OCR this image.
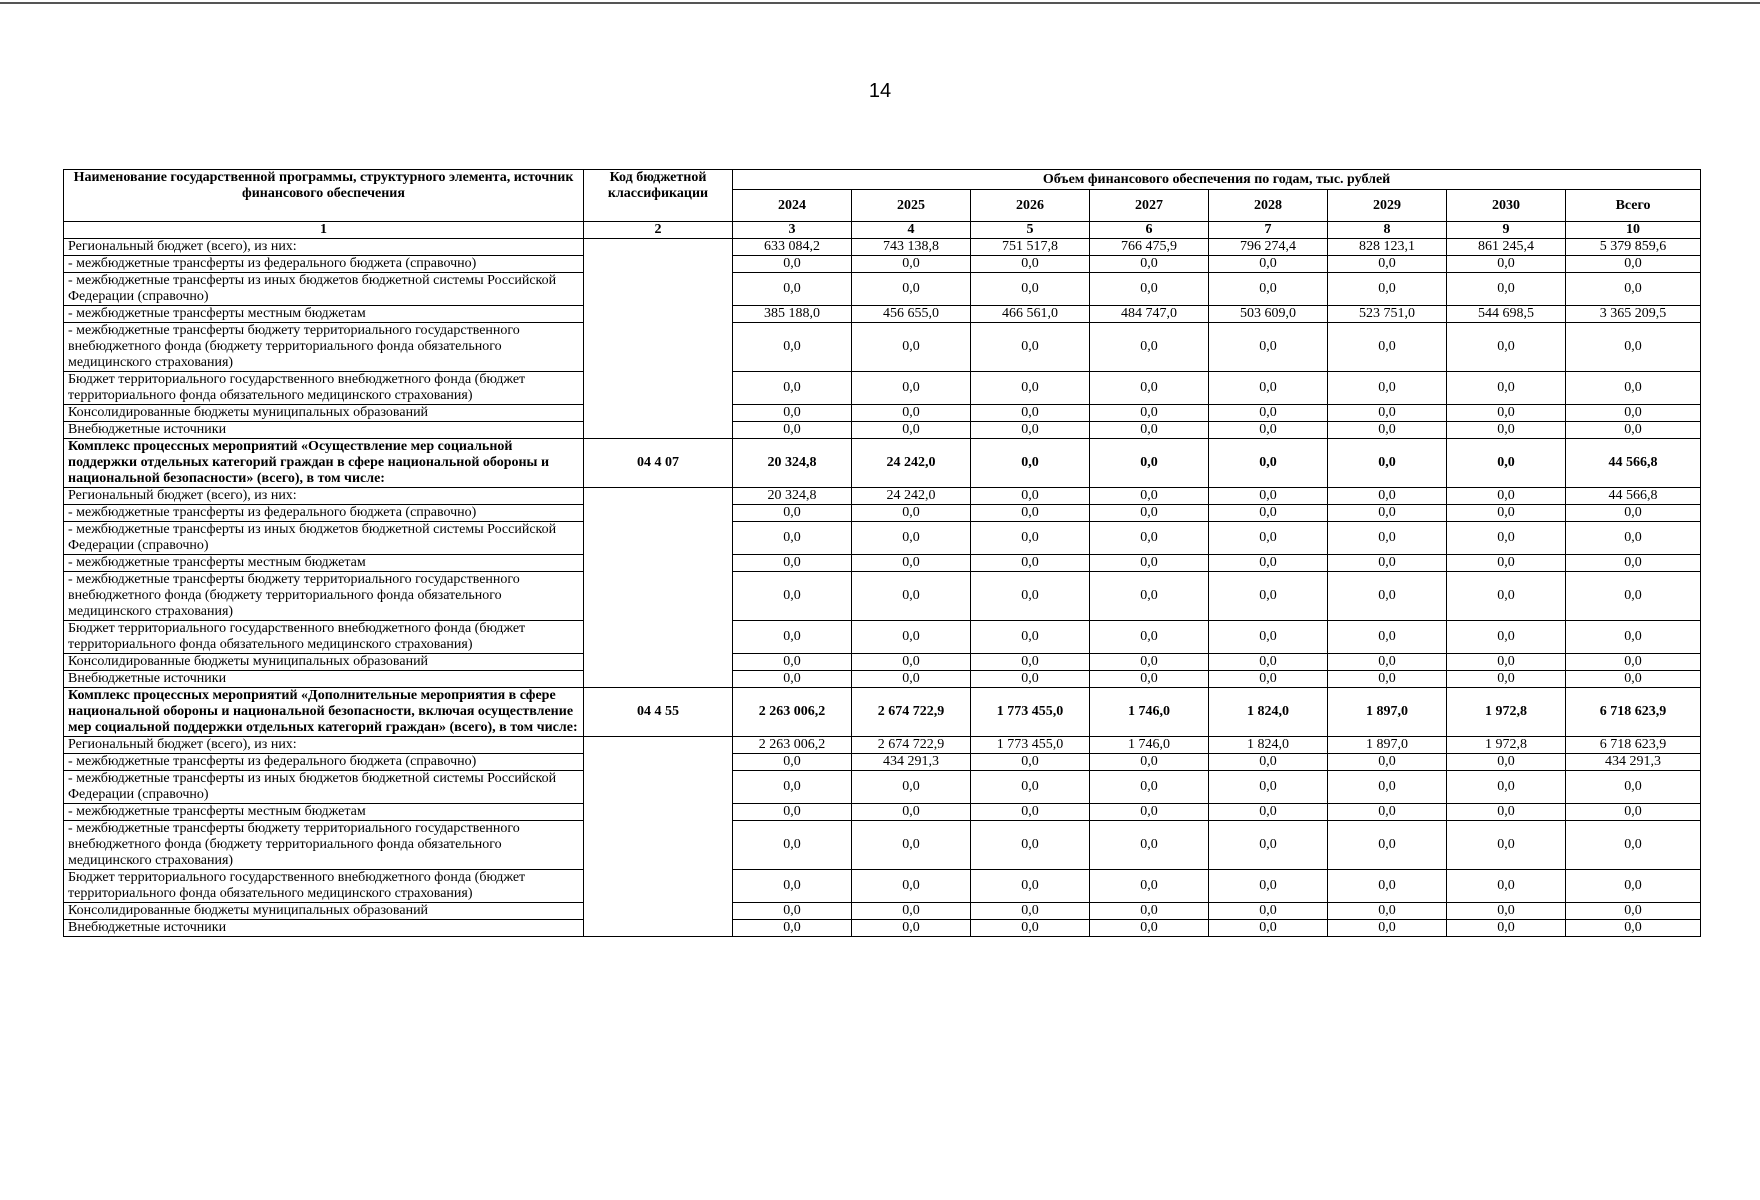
14
Наименование государственной программы, структурного элемента, источник финансового обеспечения	Код бюджетной классификации	Объем финансового обеспечения по годам, тыс. рублей							
		2024	2025	2026	2027	2028	2029	2030	Всего
1	2	3	4	5	6	7	8	9	10
Региональный бюджет (всего), из них:		633 084,2	743 138,8	751 517,8	766 475,9	796 274,4	828 123,1	861 245,4	5 379 859,6
- межбюджетные трансферты из федерального бюджета (справочно)		0,0	0,0	0,0	0,0	0,0	0,0	0,0	0,0
- межбюджетные трансферты из иных бюджетов бюджетной системы Российской Федерации (справочно)		0,0	0,0	0,0	0,0	0,0	0,0	0,0	0,0
- межбюджетные трансферты местным бюджетам		385 188,0	456 655,0	466 561,0	484 747,0	503 609,0	523 751,0	544 698,5	3 365 209,5
- межбюджетные трансферты бюджету территориального государственного внебюджетного фонда (бюджету территориального фонда обязательного медицинского страхования)		0,0	0,0	0,0	0,0	0,0	0,0	0,0	0,0
Бюджет территориального государственного внебюджетного фонда (бюджет территориального фонда обязательного медицинского страхования)		0,0	0,0	0,0	0,0	0,0	0,0	0,0	0,0
Консолидированные бюджеты муниципальных образований		0,0	0,0	0,0	0,0	0,0	0,0	0,0	0,0
Внебюджетные источники		0,0	0,0	0,0	0,0	0,0	0,0	0,0	0,0
Комплекс процессных мероприятий «Осуществление мер социальной поддержки отдельных категорий граждан в сфере национальной обороны и национальной безопасности» (всего), в том числе:	04 4 07	20 324,8	24 242,0	0,0	0,0	0,0	0,0	0,0	44 566,8
Региональный бюджет (всего), из них:		20 324,8	24 242,0	0,0	0,0	0,0	0,0	0,0	44 566,8
- межбюджетные трансферты из федерального бюджета (справочно)		0,0	0,0	0,0	0,0	0,0	0,0	0,0	0,0
- межбюджетные трансферты из иных бюджетов бюджетной системы Российской Федерации (справочно)		0,0	0,0	0,0	0,0	0,0	0,0	0,0	0,0
- межбюджетные трансферты местным бюджетам		0,0	0,0	0,0	0,0	0,0	0,0	0,0	0,0
- межбюджетные трансферты бюджету территориального государственного внебюджетного фонда (бюджету территориального фонда обязательного медицинского страхования)		0,0	0,0	0,0	0,0	0,0	0,0	0,0	0,0
Бюджет территориального государственного внебюджетного фонда (бюджет территориального фонда обязательного медицинского страхования)		0,0	0,0	0,0	0,0	0,0	0,0	0,0	0,0
Консолидированные бюджеты муниципальных образований		0,0	0,0	0,0	0,0	0,0	0,0	0,0	0,0
Внебюджетные источники		0,0	0,0	0,0	0,0	0,0	0,0	0,0	0,0
Комплекс процессных мероприятий «Дополнительные мероприятия в сфере национальной обороны и национальной безопасности, включая осуществление мер социальной поддержки отдельных категорий граждан» (всего), в том числе:	04 4 55	2 263 006,2	2 674 722,9	1 773 455,0	1 746,0	1 824,0	1 897,0	1 972,8	6 718 623,9
Региональный бюджет (всего), из них:		2 263 006,2	2 674 722,9	1 773 455,0	1 746,0	1 824,0	1 897,0	1 972,8	6 718 623,9
- межбюджетные трансферты из федерального бюджета (справочно)		0,0	434 291,3	0,0	0,0	0,0	0,0	0,0	434 291,3
- межбюджетные трансферты из иных бюджетов бюджетной системы Российской Федерации (справочно)		0,0	0,0	0,0	0,0	0,0	0,0	0,0	0,0
- межбюджетные трансферты местным бюджетам		0,0	0,0	0,0	0,0	0,0	0,0	0,0	0,0
- межбюджетные трансферты бюджету территориального государственного внебюджетного фонда (бюджету территориального фонда обязательного медицинского страхования)		0,0	0,0	0,0	0,0	0,0	0,0	0,0	0,0
Бюджет территориального государственного внебюджетного фонда (бюджет территориального фонда обязательного медицинского страхования)		0,0	0,0	0,0	0,0	0,0	0,0	0,0	0,0
Консолидированные бюджеты муниципальных образований		0,0	0,0	0,0	0,0	0,0	0,0	0,0	0,0
Внебюджетные источники		0,0	0,0	0,0	0,0	0,0	0,0	0,0	0,0
